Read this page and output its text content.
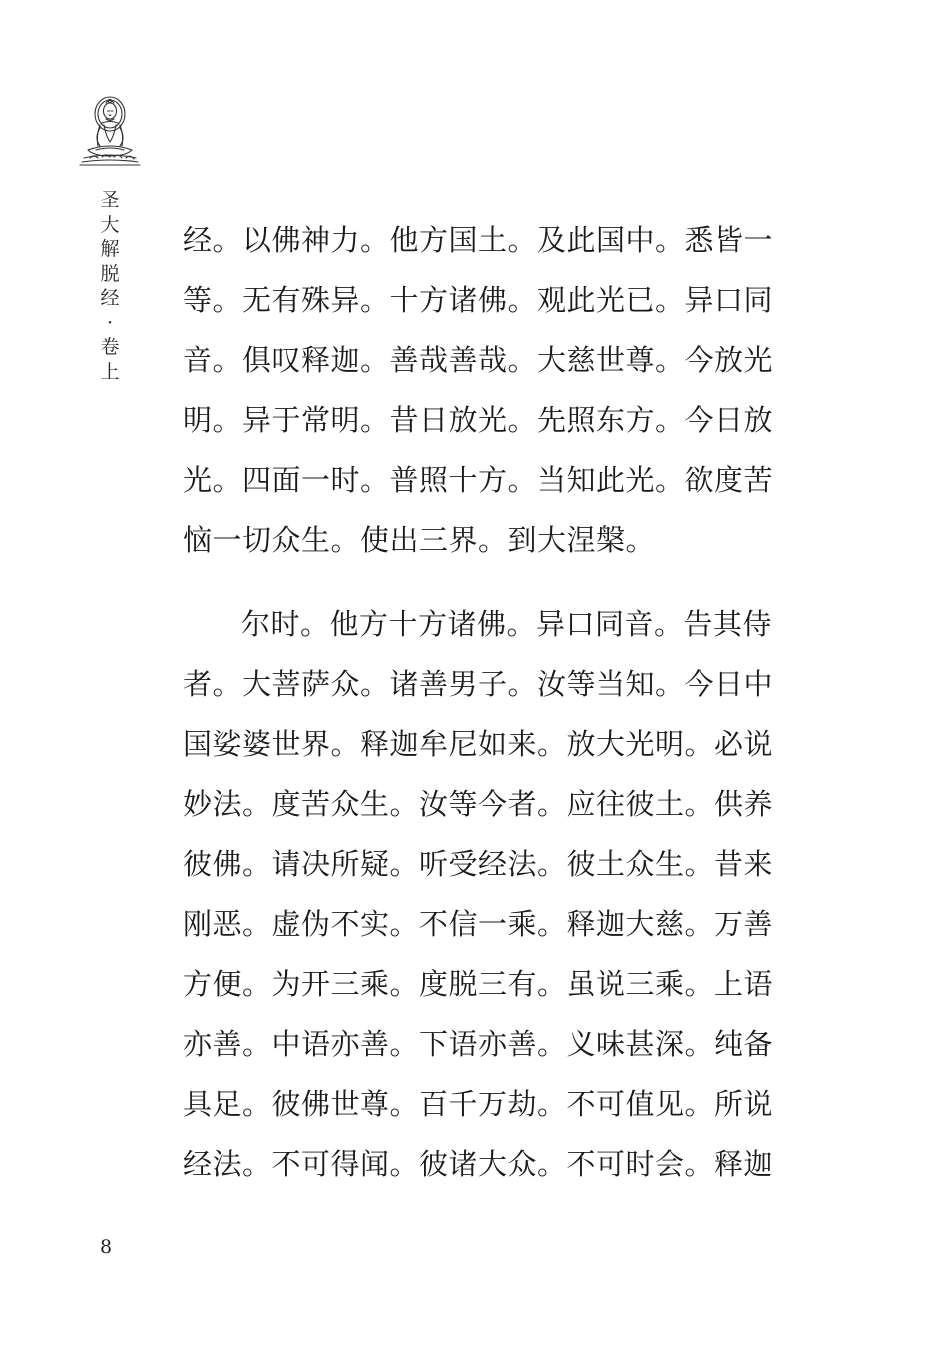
圣
大
解
脱
经
·
卷
上

经。以佛神力。他方国土。及此国中。悉皆一
等。无有殊异。十方诸佛。观此光已。异口同
音。俱叹释迦。善哉善哉。大慈世尊。今放光
明。异于常明。昔日放光。先照东方。今日放
光。四面一时。普照十方。当知此光。欲度苦
恼一切众生。使出三界。到大涅槃。

尔时。他方十方诸佛。异口同音。告其侍
者。大菩萨众。诸善男子。汝等当知。今日中
国娑婆世界。释迦牟尼如来。放大光明。必说
妙法。度苦众生。汝等今者。应往彼土。供养
彼佛。请决所疑。听受经法。彼土众生。昔来
刚恶。虚伪不实。不信一乘。释迦大慈。万善
方便。为开三乘。度脱三有。虽说三乘。上语
亦善。中语亦善。下语亦善。义味甚深。纯备
具足。彼佛世尊。百千万劫。不可值见。所说
经法。不可得闻。彼诸大众。不可时会。释迦

8
